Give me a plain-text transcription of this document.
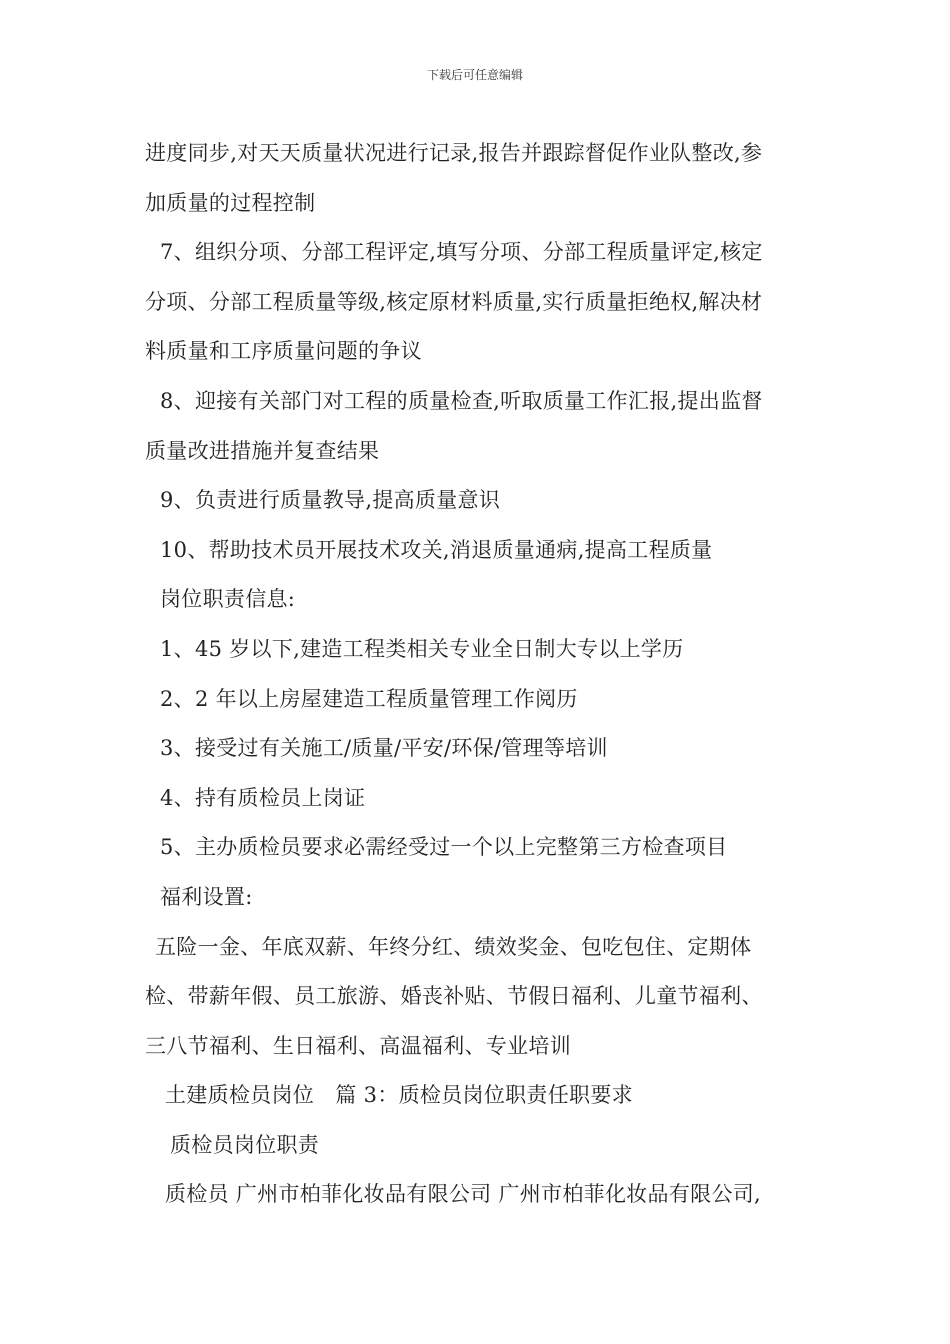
下载后可任意编辑
进度同步,对天天质量状况进行记录,报告并跟踪督促作业队整改,参
加质量的过程控制
7、组织分项、分部工程评定,填写分项、分部工程质量评定,核定
分项、分部工程质量等级,核定原材料质量,实行质量拒绝权,解决材
料质量和工序质量问题的争议
8、迎接有关部门对工程的质量检查,听取质量工作汇报,提出监督
质量改进措施并复查结果
9、负责进行质量教导,提高质量意识
10、帮助技术员开展技术攻关,消退质量通病,提高工程质量
岗位职责信息:
1、45 岁以下,建造工程类相关专业全日制大专以上学历
2、2 年以上房屋建造工程质量管理工作阅历
3、接受过有关施工/质量/平安/环保/管理等培训
4、持有质检员上岗证
5、主办质检员要求必需经受过一个以上完整第三方检查项目
福利设置:
五险一金、年底双薪、年终分红、绩效奖金、包吃包住、定期体
检、带薪年假、员工旅游、婚丧补贴、节假日福利、儿童节福利、
三八节福利、生日福利、高温福利、专业培训
土建质检员岗位　篇 3：质检员岗位职责任职要求
质检员岗位职责
质检员 广州市柏菲化妆品有限公司 广州市柏菲化妆品有限公司,
